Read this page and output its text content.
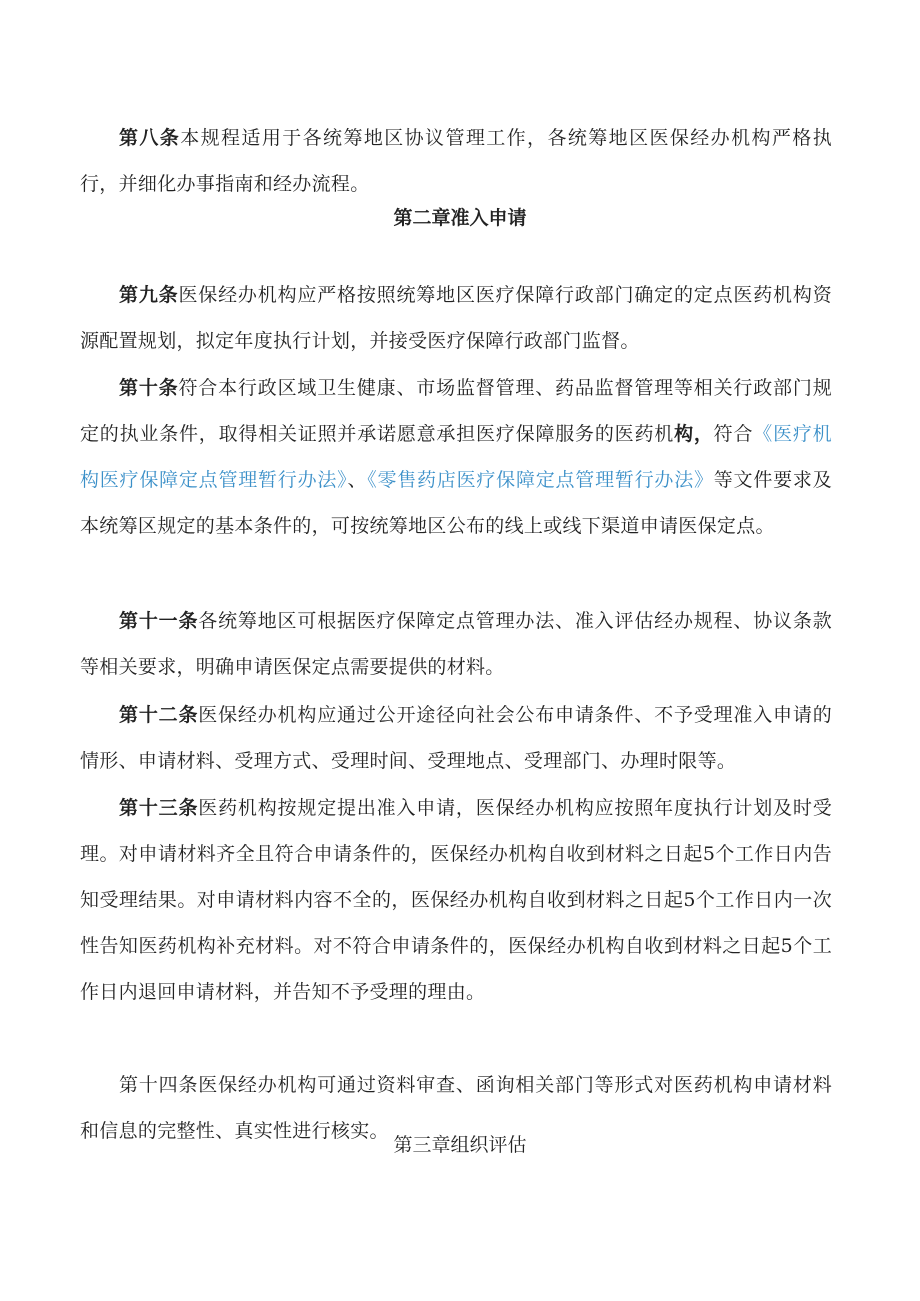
第八条本规程适用于各统筹地区协议管理工作，各统筹地区医保经办机构严格执行，并细化办事指南和经办流程。

第二章准入申请

第九条医保经办机构应严格按照统筹地区医疗保障行政部门确定的定点医药机构资源配置规划，拟定年度执行计划，并接受医疗保障行政部门监督。

第十条符合本行政区域卫生健康、市场监督管理、药品监督管理等相关行政部门规定的执业条件，取得相关证照并承诺愿意承担医疗保障服务的医药机构，符合《医疗机构医疗保障定点管理暂行办法》、《零售药店医疗保障定点管理暂行办法》等文件要求及本统筹区规定的基本条件的，可按统筹地区公布的线上或线下渠道申请医保定点。

第十一条各统筹地区可根据医疗保障定点管理办法、准入评估经办规程、协议条款等相关要求，明确申请医保定点需要提供的材料。

第十二条医保经办机构应通过公开途径向社会公布申请条件、不予受理准入申请的情形、申请材料、受理方式、受理时间、受理地点、受理部门、办理时限等。

第十三条医药机构按规定提出准入申请，医保经办机构应按照年度执行计划及时受理。对申请材料齐全且符合申请条件的，医保经办机构自收到材料之日起5个工作日内告知受理结果。对申请材料内容不全的，医保经办机构自收到材料之日起5个工作日内一次性告知医药机构补充材料。对不符合申请条件的，医保经办机构自收到材料之日起5个工作日内退回申请材料，并告知不予受理的理由。

第十四条医保经办机构可通过资料审查、函询相关部门等形式对医药机构申请材料和信息的完整性、真实性进行核实。

第三章组织评估
